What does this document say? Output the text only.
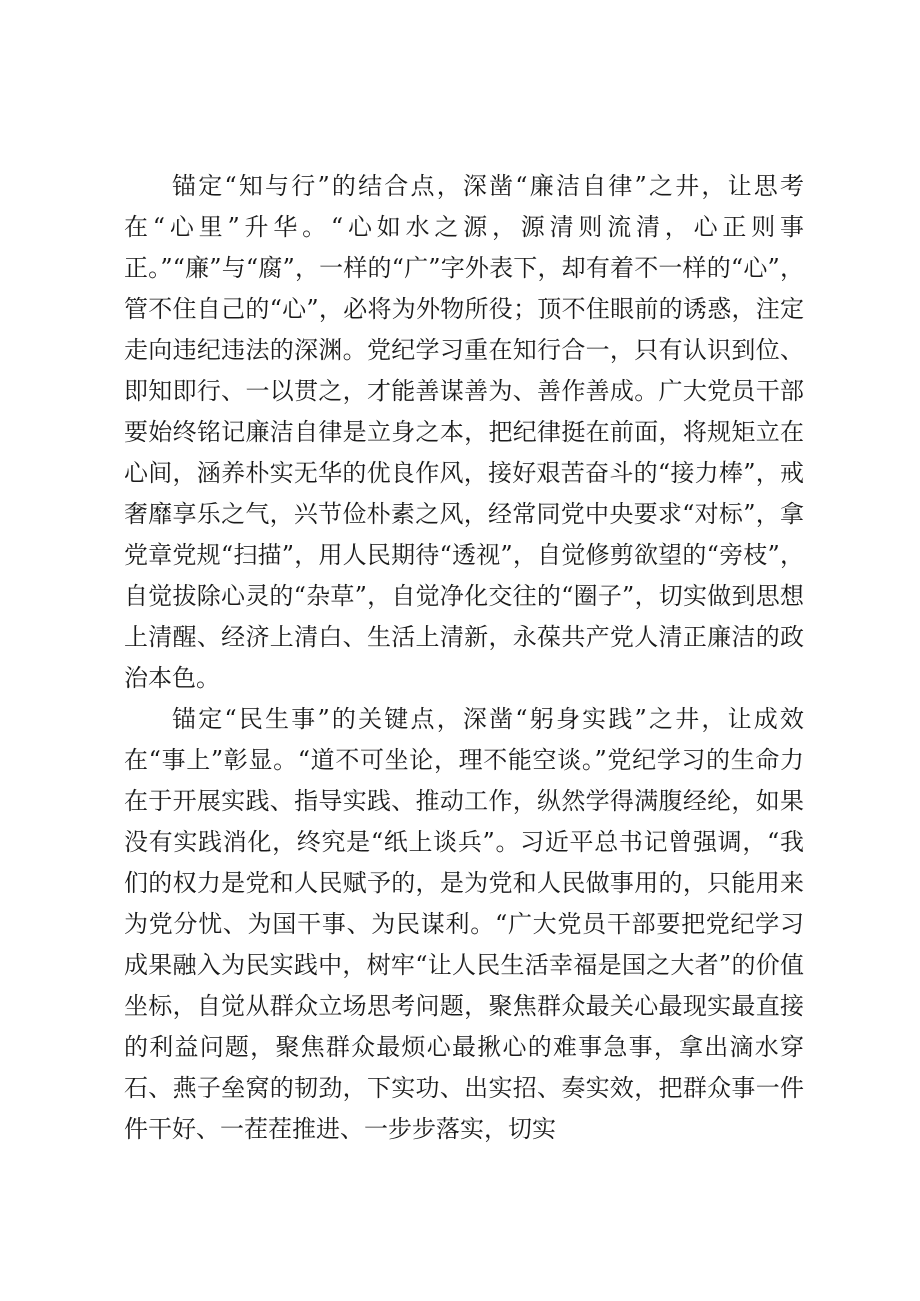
锚定“知与行”的结合点，深凿“廉洁自律”之井，让思考在“心里”升华。“心如水之源，源清则流清，心正则事正。”“廉”与“腐”，一样的“广”字外表下，却有着不一样的“心”，管不住自己的“心”，必将为外物所役；顶不住眼前的诱惑，注定走向违纪违法的深渊。党纪学习重在知行合一，只有认识到位、即知即行、一以贯之，才能善谋善为、善作善成。广大党员干部要始终铭记廉洁自律是立身之本，把纪律挺在前面，将规矩立在心间，涵养朴实无华的优良作风，接好艰苦奋斗的“接力棒”，戒奢靡享乐之气，兴节俭朴素之风，经常同党中央要求“对标”，拿党章党规“扫描”，用人民期待“透视”，自觉修剪欲望的“旁枝”，自觉拔除心灵的“杂草”，自觉净化交往的“圈子”，切实做到思想上清醒、经济上清白、生活上清新，永葆共产党人清正廉洁的政治本色。

锚定“民生事”的关键点，深凿“躬身实践”之井，让成效在“事上”彰显。“道不可坐论，理不能空谈。”党纪学习的生命力在于开展实践、指导实践、推动工作，纵然学得满腹经纶，如果没有实践消化，终究是“纸上谈兵”。习近平总书记曾强调，“我们的权力是党和人民赋予的，是为党和人民做事用的，只能用来为党分忧、为国干事、为民谋利。“广大党员干部要把党纪学习成果融入为民实践中，树牢“让人民生活幸福是国之大者”的价值坐标，自觉从群众立场思考问题，聚焦群众最关心最现实最直接的利益问题，聚焦群众最烦心最揪心的难事急事，拿出滴水穿石、燕子垒窝的韧劲，下实功、出实招、奏实效，把群众事一件件干好、一茬茬推进、一步步落实，切实
